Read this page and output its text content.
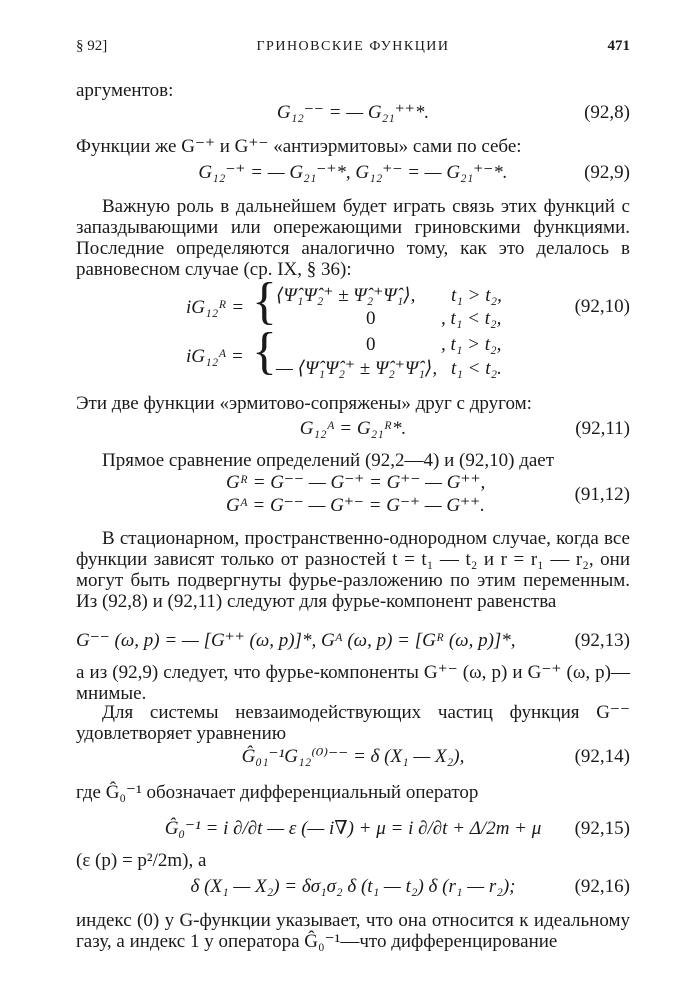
§ 92]	ГРИНОВСКИЕ ФУНКЦИИ	471
аргументов:
G₁₂⁻⁻ = — G₂₁⁺⁺*.	(92,8)
Функции же G⁻⁺ и G⁺⁻ «антиэрмитовы» сами по себе:
G₁₂⁻⁺ = — G₂₁⁻⁺*, G₁₂⁺⁻ = — G₂₁⁺⁻*.	(92,9)
Важную роль в дальнейшем будет играть связь этих функций с запаздывающими или опережающими гриновскими функциями. Последние определяются аналогично тому, как это делалось в равновесном случае (ср. IX, § 36):
iG₁₂ᴿ = { ⟨Ψ̂₁Ψ̂₂⁺ ± Ψ̂₂⁺Ψ̂₁⟩, t₁ > t₂,
0	, t₁ < t₂,
(92,10)
iG₁₂ᴬ = {	0	, t₁ > t₂,
— ⟨Ψ̂₁Ψ̂₂⁺ ± Ψ̂₂⁺Ψ̂₁⟩, t₁ < t₂.
Эти две функции «эрмитово-сопряжены» друг с другом:
G₁₂ᴬ = G₂₁ᴿ*.	(92,11)
Прямое сравнение определений (92,2—4) и (92,10) дает
Gᴿ = G⁻⁻ — G⁻⁺ = G⁺⁻ — G⁺⁺,
Gᴬ = G⁻⁻ — G⁺⁻ = G⁻⁺ — G⁺⁺.
(91,12)
В стационарном, пространственно-однородном случае, когда все функции зависят только от разностей t = t₁ — t₂ и r = r₁ — r₂, они могут быть подвергнуты фурье-разложению по этим переменным. Из (92,8) и (92,11) следуют для фурье-компонент равенства
G⁻⁻ (ω, p) = — [G⁺⁺ (ω, p)]*, Gᴬ (ω, p) = [Gᴿ (ω, p)]*,	(92,13)
а из (92,9) следует, что фурье-компоненты G⁺⁻ (ω, p) и G⁻⁺ (ω, p)— мнимые.
Для системы невзаимодействующих частиц функция G⁻⁻ удовлетворяет уравнению
Ĝ₀₁⁻¹G₁₂⁽⁰⁾⁻⁻ = δ (X₁ — X₂),	(92,14)
где Ĝ₀⁻¹ обозначает дифференциальный оператор
Ĝ₀⁻¹ = i ∂/∂t — ε (— i∇) + μ = i ∂/∂t + Δ/2m + μ	(92,15)
(ε (p) = p²/2m), а
δ (X₁ — X₂) = δσ₁σ₂ δ (t₁ — t₂) δ (r₁ — r₂);	(92,16)
индекс (0) у G-функции указывает, что она относится к идеальному газу, а индекс 1 у оператора Ĝ₀⁻¹—что дифференцирование
